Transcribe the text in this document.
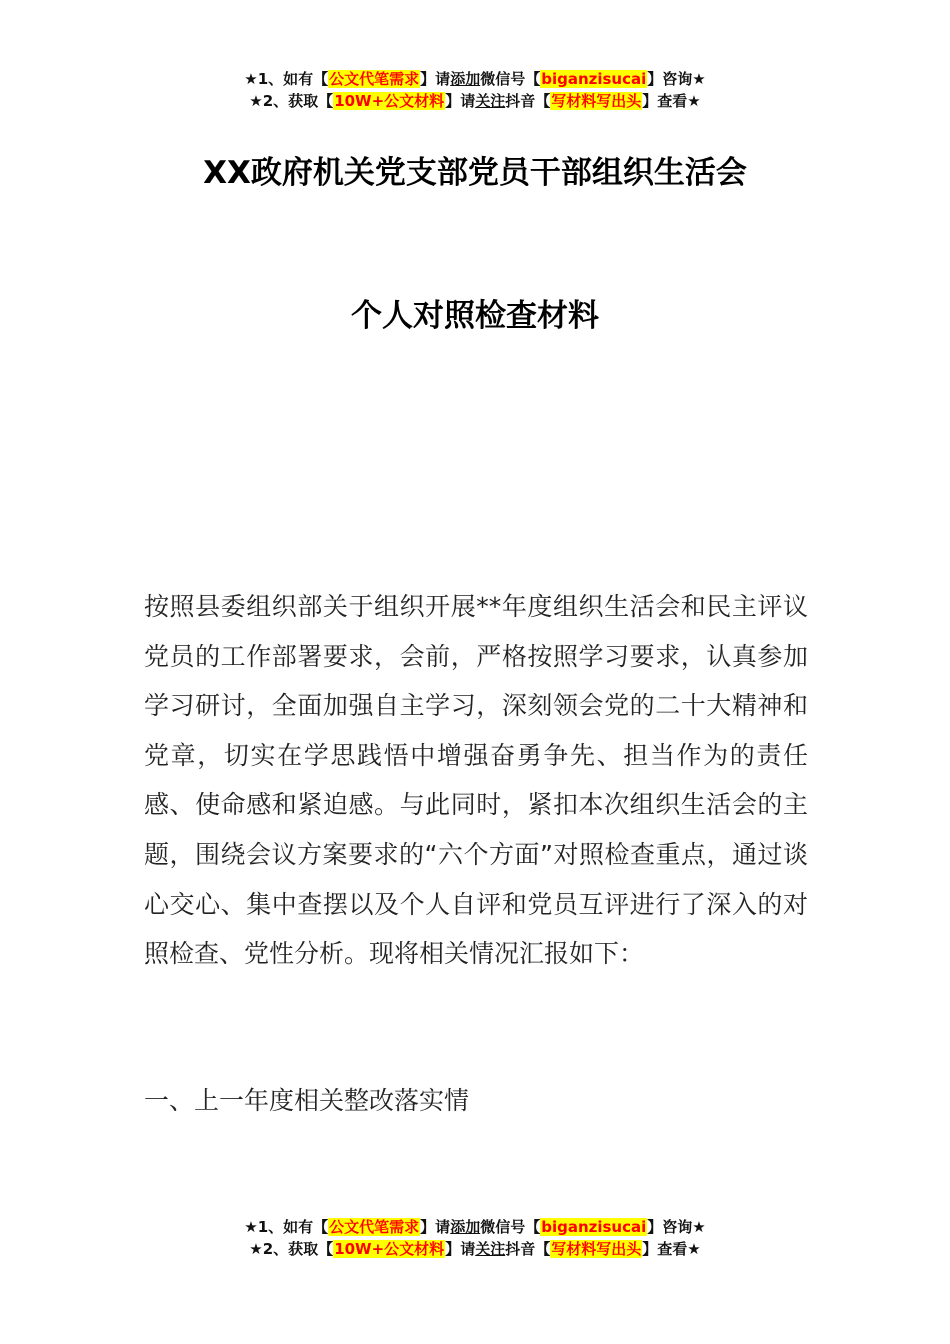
★1、如有【公文代笔需求】请添加微信号【biganzisucai】咨询★
★2、获取【10W+公文材料】请关注抖音【写材料写出头】查看★
XX政府机关党支部党员干部组织生活会
个人对照检查材料
按照县委组织部关于组织开展**年度组织生活会和民主评议党员的工作部署要求，会前，严格按照学习要求，认真参加学习研讨，全面加强自主学习，深刻领会党的二十大精神和党章，切实在学思践悟中增强奋勇争先、担当作为的责任感、使命感和紧迫感。与此同时，紧扣本次组织生活会的主题，围绕会议方案要求的“六个方面”对照检查重点，通过谈心交心、集中查摆以及个人自评和党员互评进行了深入的对照检查、党性分析。现将相关情况汇报如下：
一、上一年度相关整改落实情
★1、如有【公文代笔需求】请添加微信号【biganzisucai】咨询★
★2、获取【10W+公文材料】请关注抖音【写材料写出头】查看★
